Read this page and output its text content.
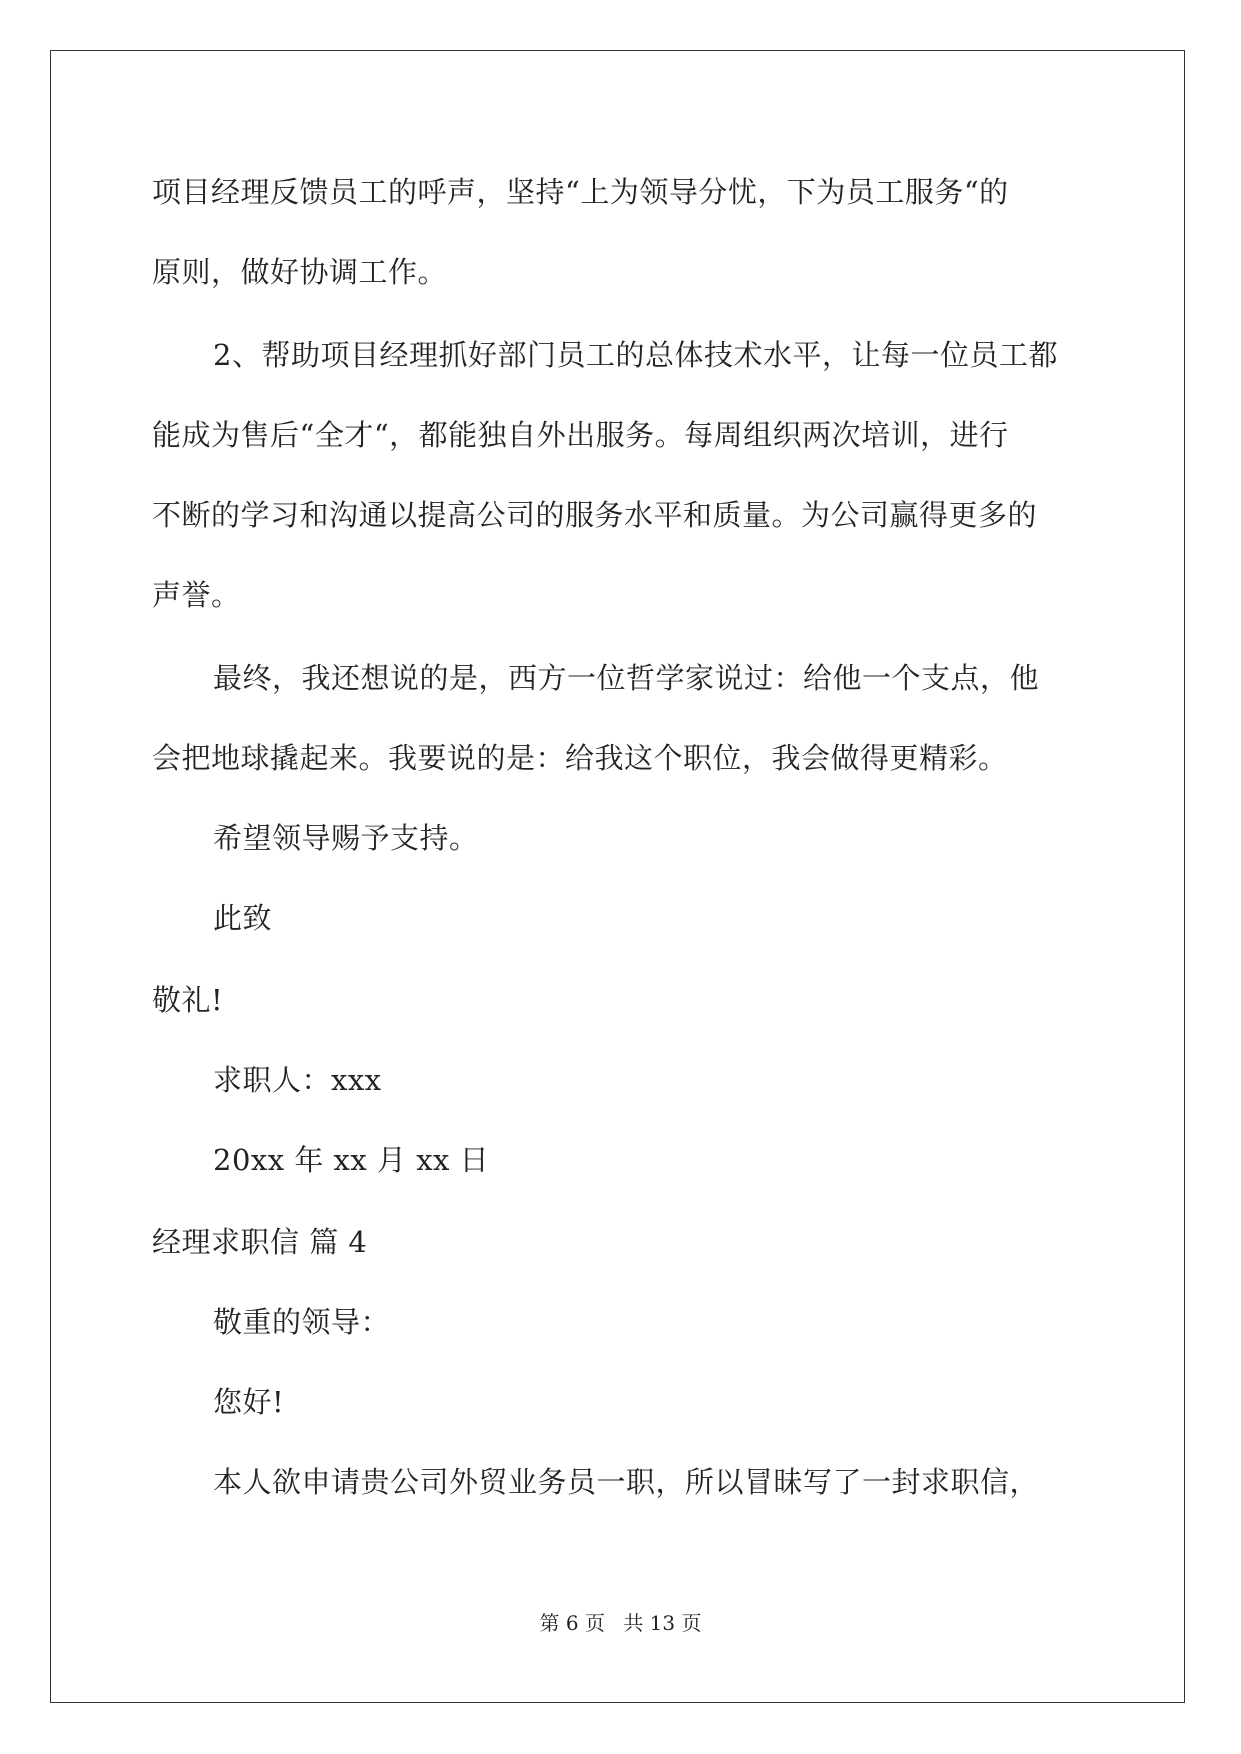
项目经理反馈员工的呼声，坚持“上为领导分忧，下为员工服务“的
原则，做好协调工作。
2、帮助项目经理抓好部门员工的总体技术水平，让每一位员工都
能成为售后“全才“，都能独自外出服务。每周组织两次培训，进行
不断的学习和沟通以提高公司的服务水平和质量。为公司赢得更多的
声誉。
最终，我还想说的是，西方一位哲学家说过：给他一个支点，他
会把地球撬起来。我要说的是：给我这个职位，我会做得更精彩。
希望领导赐予支持。
此致
敬礼!
求职人：xxx
20xx 年 xx 月 xx 日
经理求职信 篇 4
敬重的领导：
您好!
本人欲申请贵公司外贸业务员一职，所以冒昧写了一封求职信，
第 6 页 共 13 页
